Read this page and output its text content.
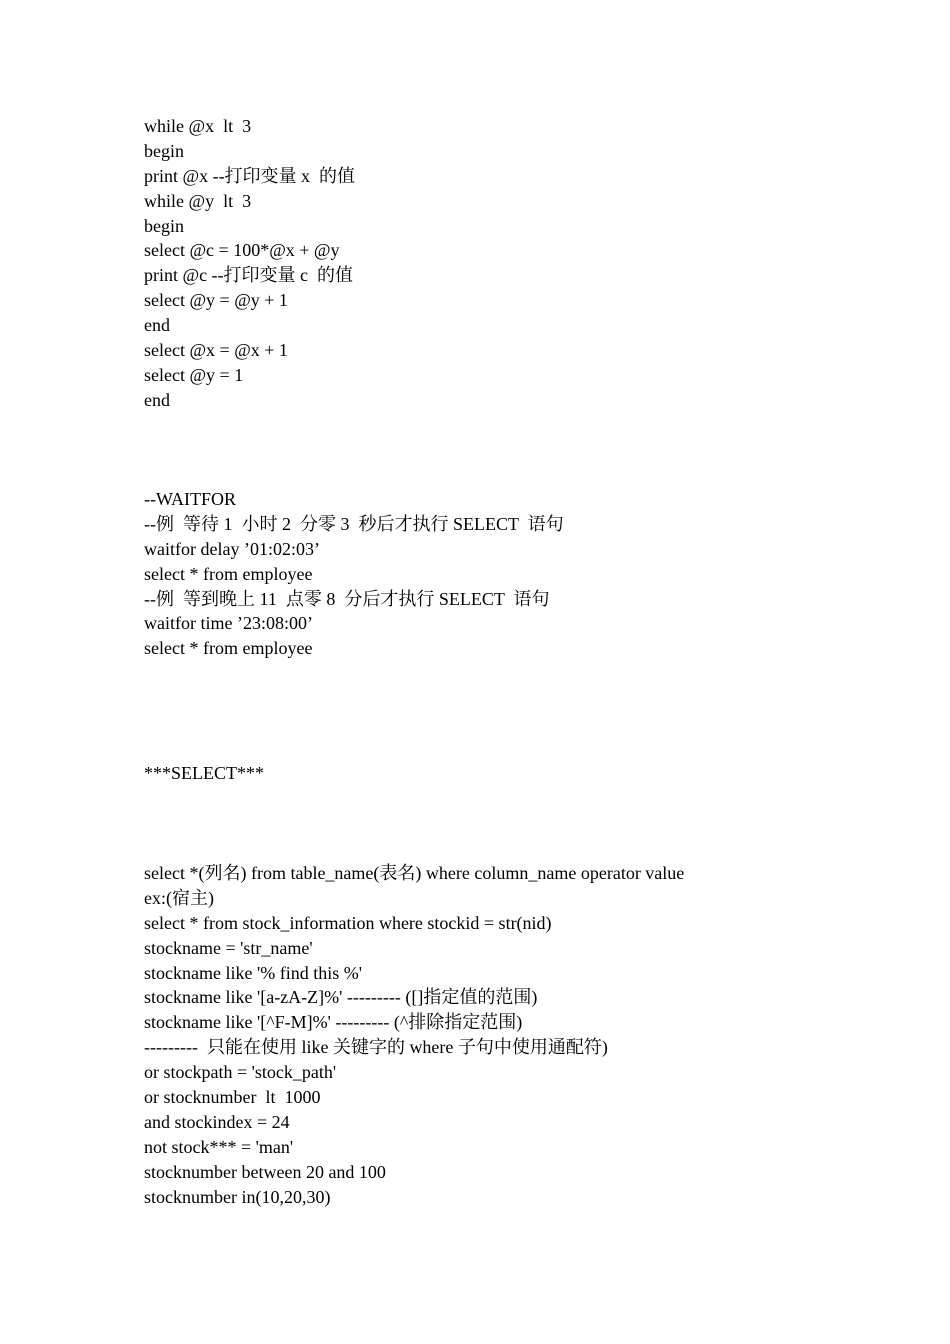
while @x  lt  3
begin
print @x --打印变量 x  的值
while @y  lt  3
begin
select @c = 100*@x + @y
print @c --打印变量 c  的值
select @y = @y + 1
end
select @x = @x + 1
select @y = 1
end
--WAITFOR
--例  等待 1  小时 2  分零 3  秒后才执行 SELECT  语句
waitfor delay ’01:02:03’
select * from employee
--例  等到晚上 11  点零 8  分后才执行 SELECT  语句
waitfor time ’23:08:00’
select * from employee
***SELECT***
select *(列名) from table_name(表名) where column_name operator value
ex:(宿主)
select * from stock_information where stockid = str(nid)
stockname = 'str_name'
stockname like '% find this %'
stockname like '[a-zA-Z]%' --------- ([]指定值的范围)
stockname like '[^F-M]%' --------- (^排除指定范围)
---------  只能在使用 like 关键字的 where 子句中使用通配符)
or stockpath = 'stock_path'
or stocknumber  lt  1000
and stockindex = 24
not stock*** = 'man'
stocknumber between 20 and 100
stocknumber in(10,20,30)
